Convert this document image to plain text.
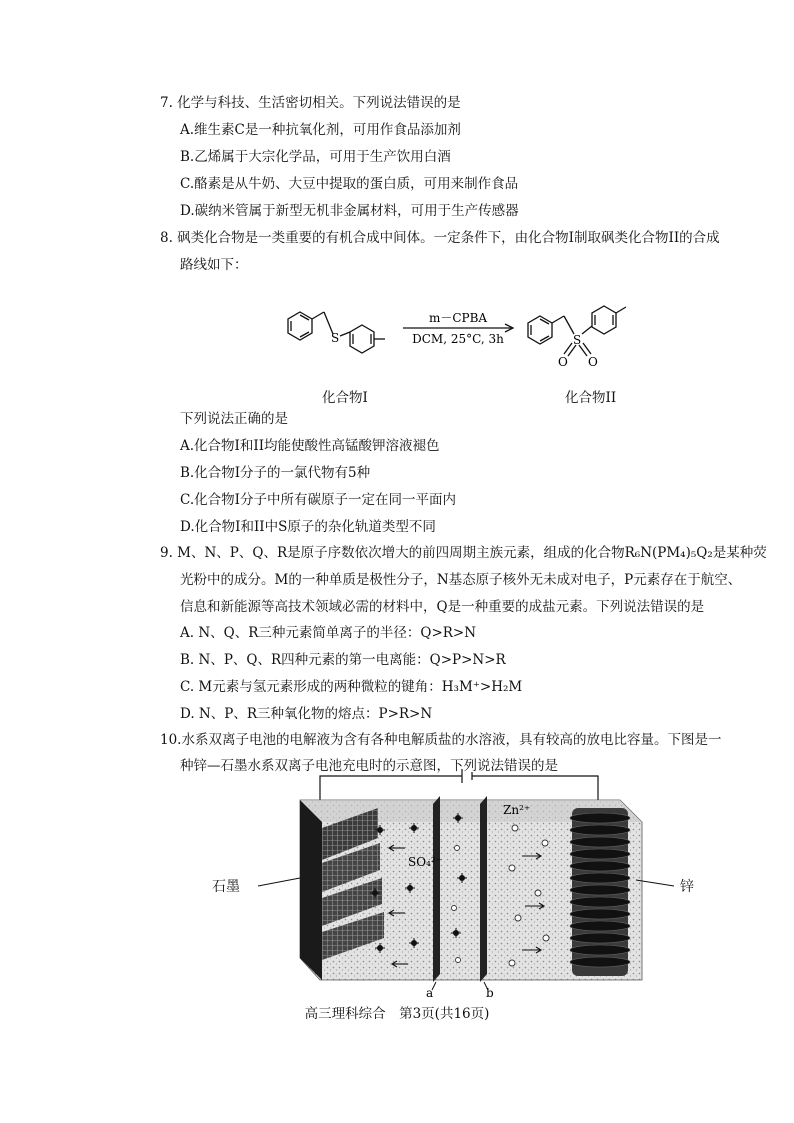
7. 化学与科技、生活密切相关。下列说法错误的是
A.维生素C是一种抗氧化剂，可用作食品添加剂
B.乙烯属于大宗化学品，可用于生产饮用白酒
C.酪素是从牛奶、大豆中提取的蛋白质，可用来制作食品
D.碳纳米管属于新型无机非金属材料，可用于生产传感器
8. 砜类化合物是一类重要的有机合成中间体。一定条件下，由化合物I制取砜类化合物II的合成
路线如下：
S	S
O O
m－CPBA
DCM, 25°C, 3h
化合物I	化合物II
下列说法正确的是
A.化合物I和II均能使酸性高锰酸钾溶液褪色
B.化合物I分子的一氯代物有5种
C.化合物I分子中所有碳原子一定在同一平面内
D.化合物I和II中S原子的杂化轨道类型不同
9. M、N、P、Q、R是原子序数依次增大的前四周期主族元素，组成的化合物R₆N(PM₄)₅Q₂是某种荧
光粉中的成分。M的一种单质是极性分子，N基态原子核外无未成对电子，P元素存在于航空、
信息和新能源等高技术领域必需的材料中，Q是一种重要的成盐元素。下列说法错误的是
A. N、Q、R三种元素简单离子的半径：Q>R>N
B. N、P、Q、R四种元素的第一电离能：Q>P>N>R
C. M元素与氢元素形成的两种微粒的键角：H₃M⁺>H₂M
D. N、P、R三种氧化物的熔点：P>R>N
10.水系双离子电池的电解液为含有各种电解质盐的水溶液，具有较高的放电比容量。下图是一
种锌—石墨水系双离子电池充电时的示意图，下列说法错误的是
SO₄²⁻
Zn²⁺
a	b
石墨	锌
高三理科综合　第3页(共16页)
